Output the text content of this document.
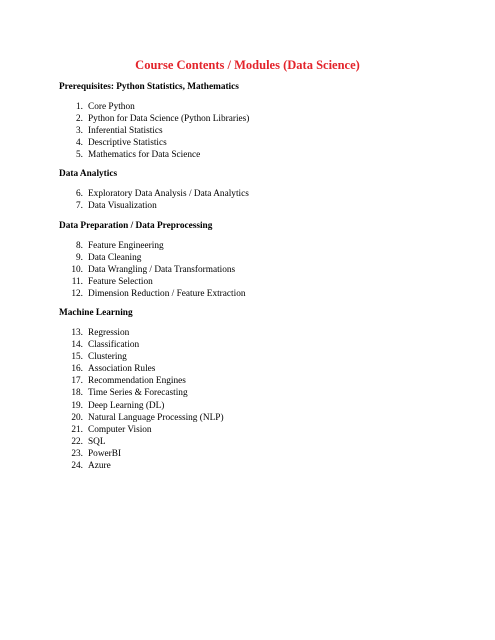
Course Contents / Modules (Data Science)

Prerequisites: Python Statistics, Mathematics

1. Core Python
2. Python for Data Science (Python Libraries)
3. Inferential Statistics
4. Descriptive Statistics
5. Mathematics for Data Science

Data Analytics

6. Exploratory Data Analysis / Data Analytics
7. Data Visualization

Data Preparation / Data Preprocessing

8. Feature Engineering
9. Data Cleaning
10. Data Wrangling / Data Transformations
11. Feature Selection
12. Dimension Reduction / Feature Extraction

Machine Learning

13. Regression
14. Classification
15. Clustering
16. Association Rules
17. Recommendation Engines
18. Time Series & Forecasting
19. Deep Learning (DL)
20. Natural Language Processing (NLP)
21. Computer Vision
22. SQL
23. PowerBI
24. Azure
